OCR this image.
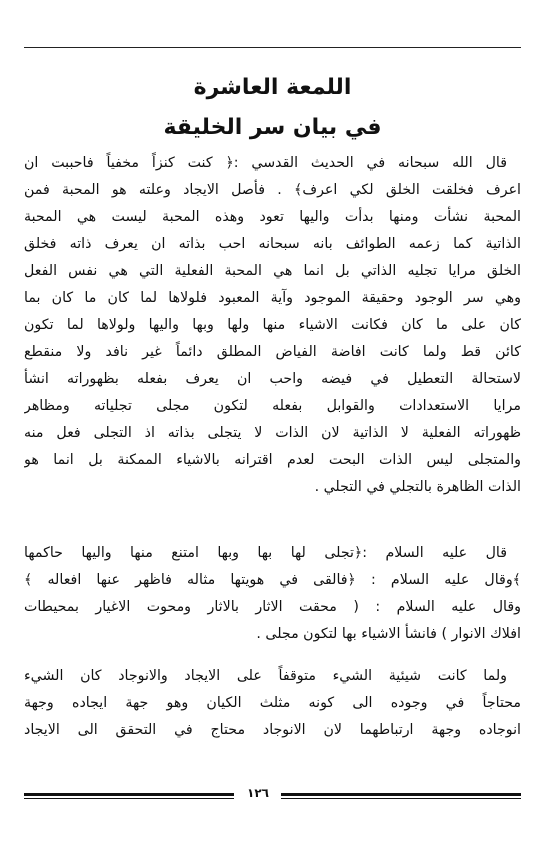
اللمعة العاشرة
في بيان سر الخليقة
قال الله سبحانه في الحديث القدسي :﴿ كنت كنزاً مخفياً فاحببت ان
اعرف فخلقت الخلق لكي اعرف﴾ . فأصل الايجاد وعلته هو المحبة فمن
المحبة نشأت ومنها بدأت واليها تعود وهذه المحبة ليست هي المحبة
الذاتية كما زعمه الطوائف بانه سبحانه احب بذاته ان يعرف ذاته فخلق
الخلق مرايا تجليه الذاتي بل انما هي المحبة الفعلية التي هي نفس الفعل
وهي سر الوجود وحقيقة الموجود وآية المعبود فلولاها لما كان ما كان بما
كان على ما كان فكانت الاشياء منها ولها وبها واليها ولولاها لما تكون
كائن قط ولما كانت افاضة الفياض المطلق دائماً غير نافد ولا منقطع
لاستحالة التعطيل في فيضه واحب ان يعرف بفعله بظهوراته انشأ
مرايا الاستعدادات والقوابل بفعله لتكون مجلى تجلياته ومظاهر
ظهوراته الفعلية لا الذاتية لان الذات لا يتجلى بذاته اذ التجلى فعل منه
والمتجلى ليس الذات البحت لعدم اقترانه بالاشياء الممكنة بل انما هو
الذات الظاهرة بالتجلي في التجلي .
قال عليه السلام :﴿تجلى لها بها وبها امتنع منها واليها حاكمها
﴾وقال عليه السلام : ﴿فالقى في هويتها مثاله فاظهر عنها افعاله ﴾
وقال عليه السلام : ( محقت الاثار بالاثار ومحوت الاغيار بمحيطات
افلاك الانوار ) فانشأ الاشياء بها لتكون مجلى .
ولما كانت شيئية الشيء متوقفاً على الايجاد والانوجاد كان الشيء
محتاجاً في وجوده الى كونه مثلث الكيان وهو جهة ايجاده وجهة
انوجاده وجهة ارتباطهما لان الانوجاد محتاج في التحقق الى الايجاد
١٢٦
